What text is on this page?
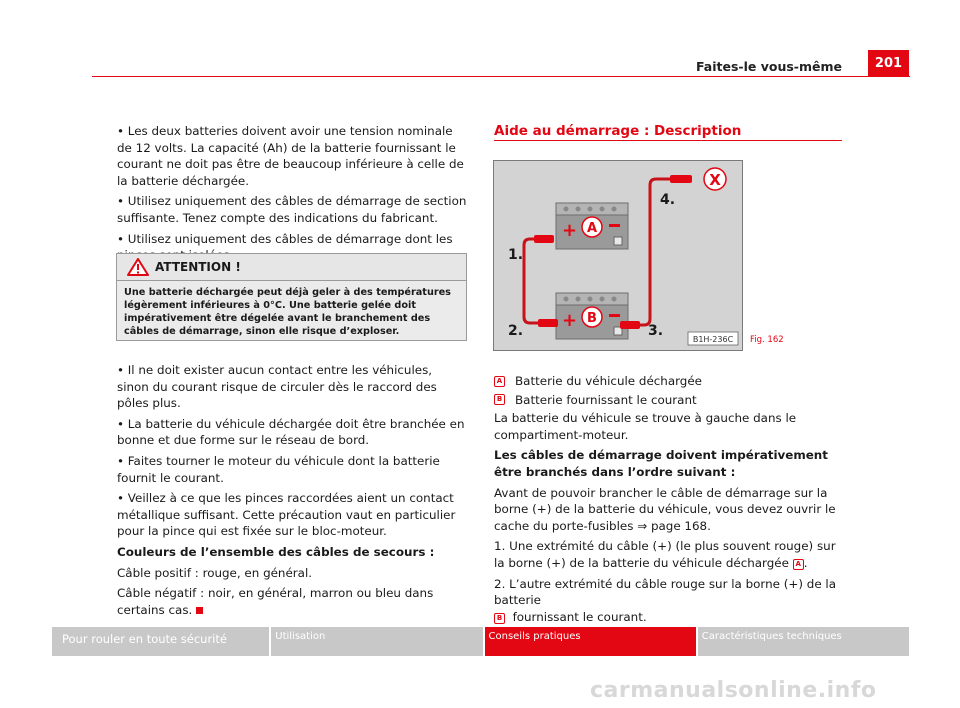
Faites-le vous-même	201

• Les deux batteries doivent avoir une tension nominale de 12 volts. La capacité (Ah) de la batterie fournissant le courant ne doit pas être de beaucoup inférieure à celle de la batterie déchargée.

• Utilisez uniquement des câbles de démarrage de section suffisante. Tenez compte des indications du fabricant.

• Utilisez uniquement des câbles de démarrage dont les

ATTENTION !
Une batterie déchargée peut déjà geler à des températures légèrement inférieures à 0°C. Une batterie gelée doit impérativement être dégelée avant le branchement des câbles de démarrage, sinon elle risque d’exploser.

• Il ne doit exister aucun contact entre les véhicules, sinon du courant risque de circuler dès le raccord des pôles plus.

• La batterie du véhicule déchargée doit être branchée en bonne et due forme sur le réseau de bord.

• Faites tourner le moteur du véhicule dont la batterie fournit le courant.

• Veillez à ce que les pinces raccordées aient un contact métallique suffisant. Cette précaution vaut en particulier pour la pince qui est fixée sur le bloc-moteur.

Couleurs de l’ensemble des câbles de secours :

Câble positif : rouge, en général.

Câble négatif : noir, en général, marron ou bleu dans certains cas.

Aide au démarrage : Description
+
+
A
B
X
1.
2.	3.
4.
B1H-236C Fig. 162
A Batterie du véhicule déchargée
B Batterie fournissant le courant

La batterie du véhicule se trouve à gauche dans le compartiment-moteur.

Les câbles de démarrage doivent impérativement être branchés dans l’ordre suivant :

Avant de pouvoir brancher le câble de démarrage sur la borne (+) de la batterie du véhicule, vous devez ouvrir le cache du porte-fusibles ⇒ page 168.

1. Une extrémité du câble (+) (le plus souvent rouge) sur la borne (+) de la batterie du véhicule déchargée A .

2. L’autre extrémité du câble rouge sur la borne (+) de la batterie
B fournissant le courant.

Pour rouler en toute sécurité	Utilisation	Conseils pratiques	Caractéristiques techniques
carmanualsonline.info
